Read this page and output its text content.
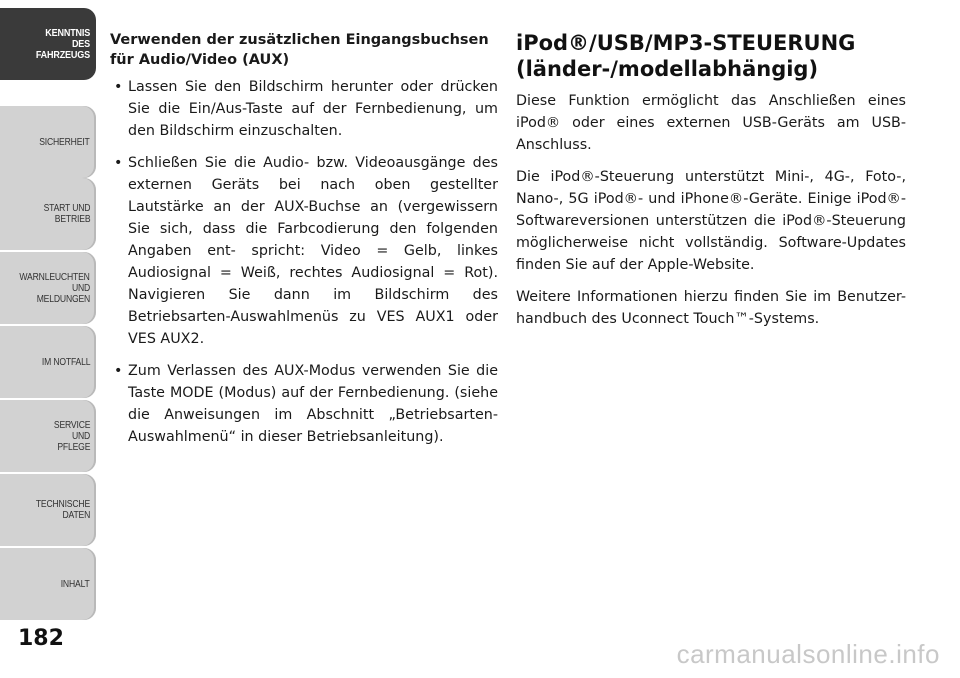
KENNTNIS
DES
FAHRZEUGS
SICHERHEIT
START UND
BETRIEB
WARNLEUCHTEN
UND
MELDUNGEN
IM NOTFALL
SERVICE
UND
PFLEGE
TECHNISCHE
DATEN
INHALT
182
Verwenden der zusätzlichen Eingangsbuchsen
für Audio/Video (AUX)
• Lassen Sie den Bildschirm herunter oder drücken Sie die Ein/Aus-Taste auf der Fernbedienung, um den Bildschirm einzuschalten.
• Schließen Sie die Audio- bzw. Videoausgänge des externen Geräts bei nach oben gestellter Lautstärke an der AUX-Buchse an (vergewissern Sie sich, dass die Farbcodierung den folgenden Angaben ent- spricht: Video = Gelb, linkes Audiosignal = Weiß, rechtes Audiosignal = Rot). Navigieren Sie dann im Bildschirm des Betriebsarten-Auswahlmenüs zu VES AUX1 oder VES AUX2.
• Zum Verlassen des AUX-Modus verwenden Sie die Taste MODE (Modus) auf der Fernbedienung. (siehe die Anweisungen im Abschnitt „Betriebsarten- Auswahlmenü“ in dieser Betriebsanleitung).
iPod®/USB/MP3-STEUERUNG
(länder-/modellabhängig)

Diese Funktion ermöglicht das Anschließen eines iPod® oder eines externen USB-Geräts am USB- Anschluss.

Die iPod®-Steuerung unterstützt Mini-, 4G-, Foto-, Nano-, 5G iPod®- und iPhone®-Geräte. Einige iPod®- Softwareversionen unterstützen die iPod®-Steuerung möglicherweise nicht vollständig. Software-Updates finden Sie auf der Apple-Website.

Weitere Informationen hierzu finden Sie im Benutzer- handbuch des Uconnect Touch™-Systems.

carmanualsonline.info
